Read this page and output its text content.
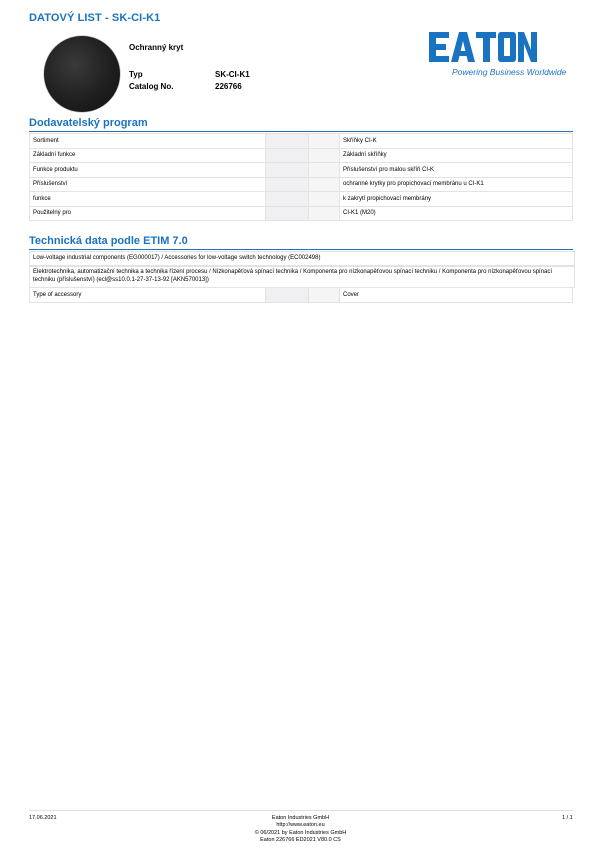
DATOVÝ LIST - SK-CI-K1
Ochranný kryt
Typ	SK-CI-K1
Catalog No.	226766
Powering Business Worldwide
Dodavatelský program
Sortiment			Skříňky CI-K
Základní funkce			Základní skříňky
Funkce produktu			Příslušenství pro malou skříň CI-K
Příslušenství			ochranné krytky pro propichovací membránu u CI-K1
funkce			k zakrytí propichovací membrány
Použitelný pro			CI-K1 (M20)
Technická data podle ETIM 7.0
Low-voltage industrial components (EG000017) / Accessories for low-voltage switch technology (EC002498)
Elektrotechnika, automatizační technika a technika řízení procesu / Nízkonapěťová spínací technika / Komponenta pro nízkonapěťovou spínací techniku / Komponenta pro nízkonapěťovou spínací techniku (příslušenství) (ecl@ss10.0.1-27-37-13-92 [AKN570013])
Type of accessory			Cover
17.06.2021	1 / 1
Eaton Industries GmbH
http://www.eaton.eu
© 06/2021 by Eaton Industries GmbH
Eaton 226766 ED2021 V80.0 CS
